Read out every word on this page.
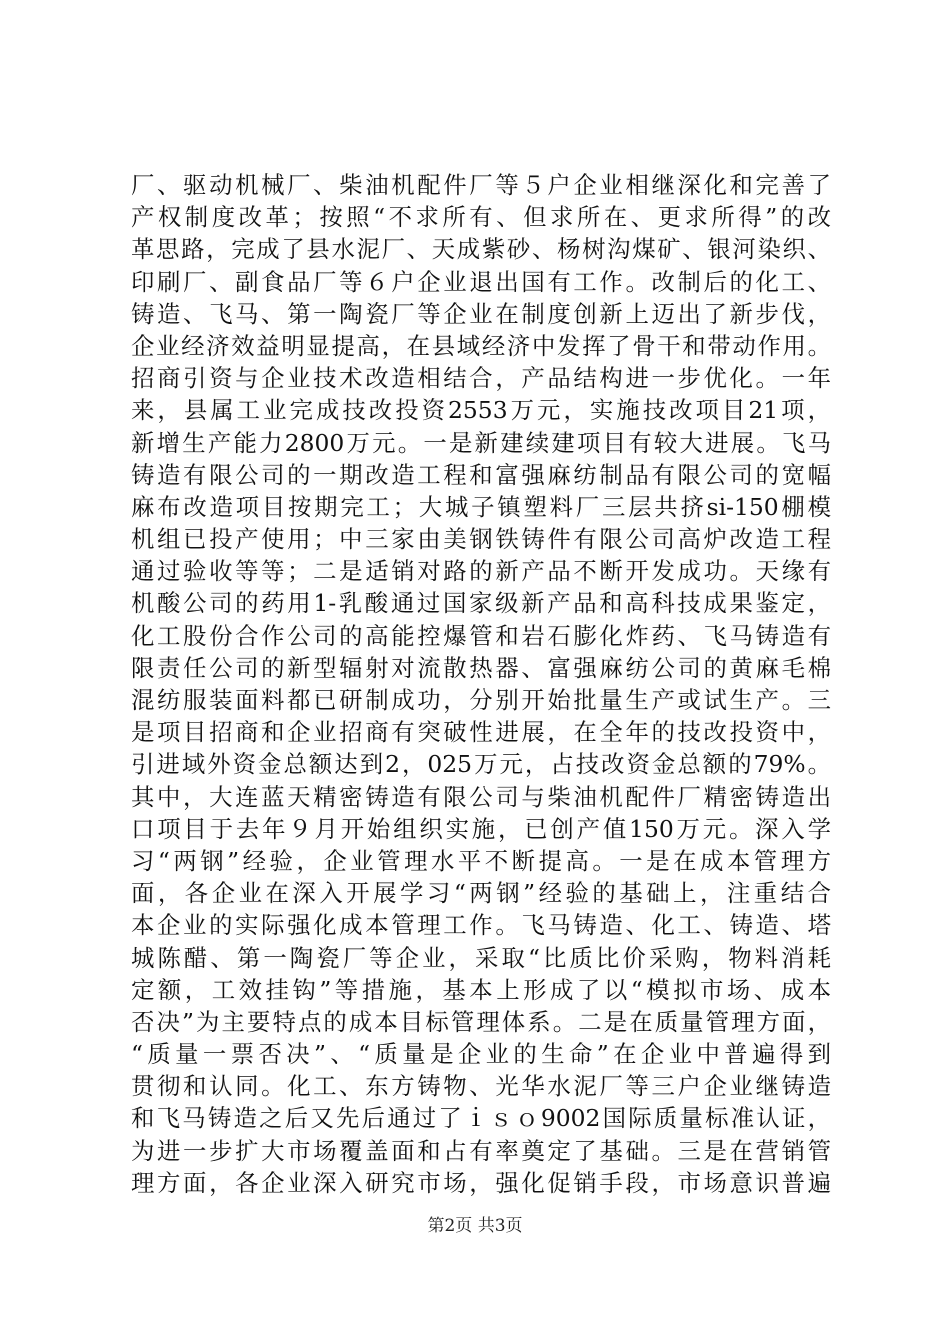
厂、驱动机械厂、柴油机配件厂等５户企业相继深化和完善了
产权制度改革；按照“不求所有、但求所在、更求所得”的改
革思路，完成了县水泥厂、天成紫砂、杨树沟煤矿、银河染织、
印刷厂、副食品厂等６户企业退出国有工作。改制后的化工、
铸造、飞马、第一陶瓷厂等企业在制度创新上迈出了新步伐，
企业经济效益明显提高，在县域经济中发挥了骨干和带动作用。
招商引资与企业技术改造相结合，产品结构进一步优化。一年
来，县属工业完成技改投资2553万元，实施技改项目21项，
新增生产能力2800万元。一是新建续建项目有较大进展。飞马
铸造有限公司的一期改造工程和富强麻纺制品有限公司的宽幅
麻布改造项目按期完工；大城子镇塑料厂三层共挤si-150棚模
机组已投产使用；中三家由美钢铁铸件有限公司高炉改造工程
通过验收等等；二是适销对路的新产品不断开发成功。天缘有
机酸公司的药用1-乳酸通过国家级新产品和高科技成果鉴定，
化工股份合作公司的高能控爆管和岩石膨化炸药、飞马铸造有
限责任公司的新型辐射对流散热器、富强麻纺公司的黄麻毛棉
混纺服装面料都已研制成功，分别开始批量生产或试生产。三
是项目招商和企业招商有突破性进展，在全年的技改投资中，
引进域外资金总额达到2，025万元，占技改资金总额的79%。
其中，大连蓝天精密铸造有限公司与柴油机配件厂精密铸造出
口项目于去年９月开始组织实施，已创产值150万元。深入学
习“两钢”经验，企业管理水平不断提高。一是在成本管理方
面，各企业在深入开展学习“两钢”经验的基础上，注重结合
本企业的实际强化成本管理工作。飞马铸造、化工、铸造、塔
城陈醋、第一陶瓷厂等企业，采取“比质比价采购，物料消耗
定额，工效挂钩”等措施，基本上形成了以“模拟市场、成本
否决”为主要特点的成本目标管理体系。二是在质量管理方面，
“质量一票否决”、“质量是企业的生命”在企业中普遍得到
贯彻和认同。化工、东方铸物、光华水泥厂等三户企业继铸造
和飞马铸造之后又先后通过了ｉｓｏ9002国际质量标准认证，
为进一步扩大市场覆盖面和占有率奠定了基础。三是在营销管
理方面，各企业深入研究市场，强化促销手段，市场意识普遍
第2页 共3页
